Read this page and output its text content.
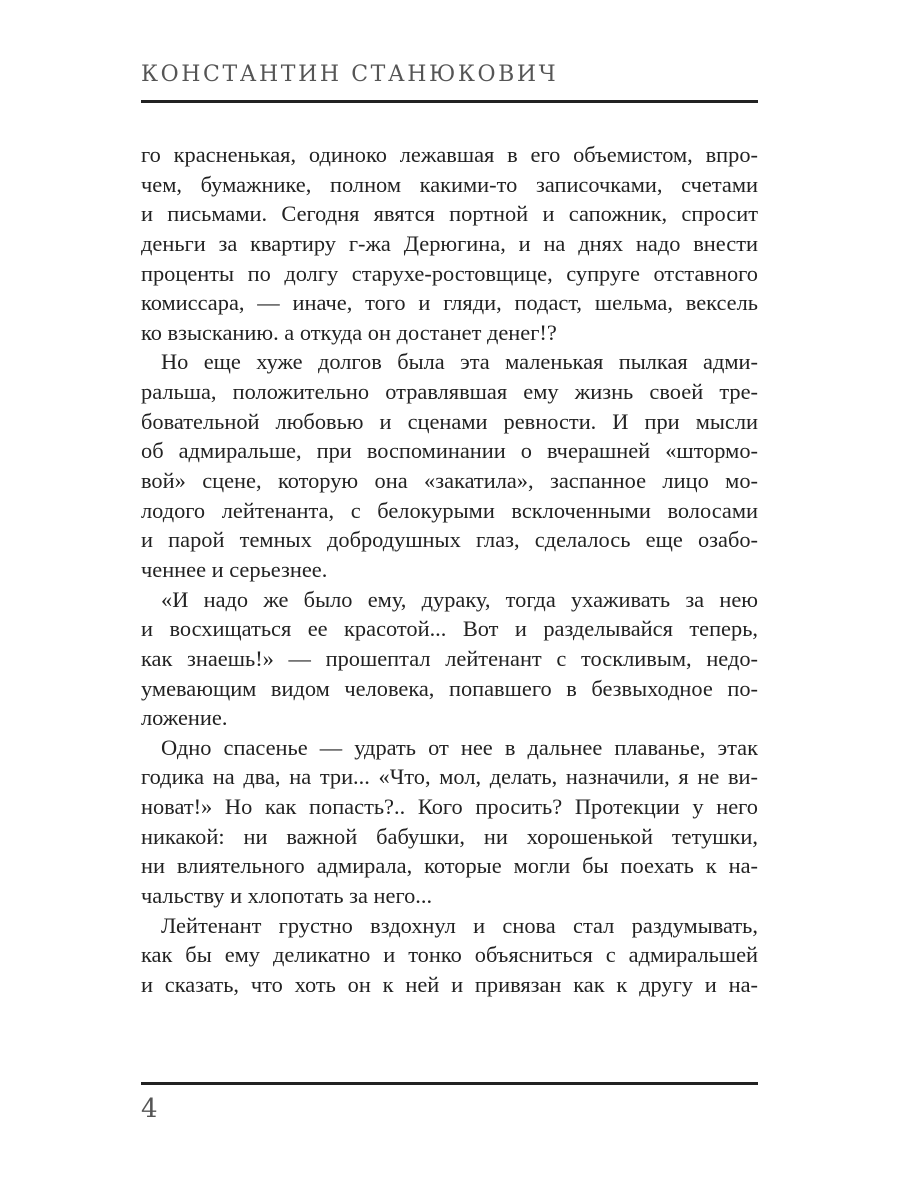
КОНСТАНТИН СТАНЮКОВИЧ
го красненькая, одиноко лежавшая в его объемистом, впро-
чем, бумажнике, полном какими-то записочками, счетами
и письмами. Сегодня явятся портной и сапожник, спросит
деньги за квартиру г-жа Дерюгина, и на днях надо внести
проценты по долгу старухе-ростовщице, супруге отставного
комиссара, — иначе, того и гляди, подаст, шельма, вексель
ко взысканию. а откуда он достанет денег!?
Но еще хуже долгов была эта маленькая пылкая адми-
ральша, положительно отравлявшая ему жизнь своей тре-
бовательной любовью и сценами ревности. И при мысли
об адмиральше, при воспоминании о вчерашней «штормо-
вой» сцене, которую она «закатила», заспанное лицо мо-
лодого лейтенанта, с белокурыми всклоченными волосами
и парой темных добродушных глаз, сделалось еще озабо-
ченнее и серьезнее.
«И надо же было ему, дураку, тогда ухаживать за нею
и восхищаться ее красотой... Вот и разделывайся теперь,
как знаешь!» — прошептал лейтенант с тоскливым, недо-
умевающим видом человека, попавшего в безвыходное по-
ложение.
Одно спасенье — удрать от нее в дальнее плаванье, этак
годика на два, на три... «Что, мол, делать, назначили, я не ви-
новат!» Но как попасть?.. Кого просить? Протекции у него
никакой: ни важной бабушки, ни хорошенькой тетушки,
ни влиятельного адмирала, которые могли бы поехать к на-
чальству и хлопотать за него...
Лейтенант грустно вздохнул и снова стал раздумывать,
как бы ему деликатно и тонко объясниться с адмиральшей
и сказать, что хоть он к ней и привязан как к другу и на-
4
